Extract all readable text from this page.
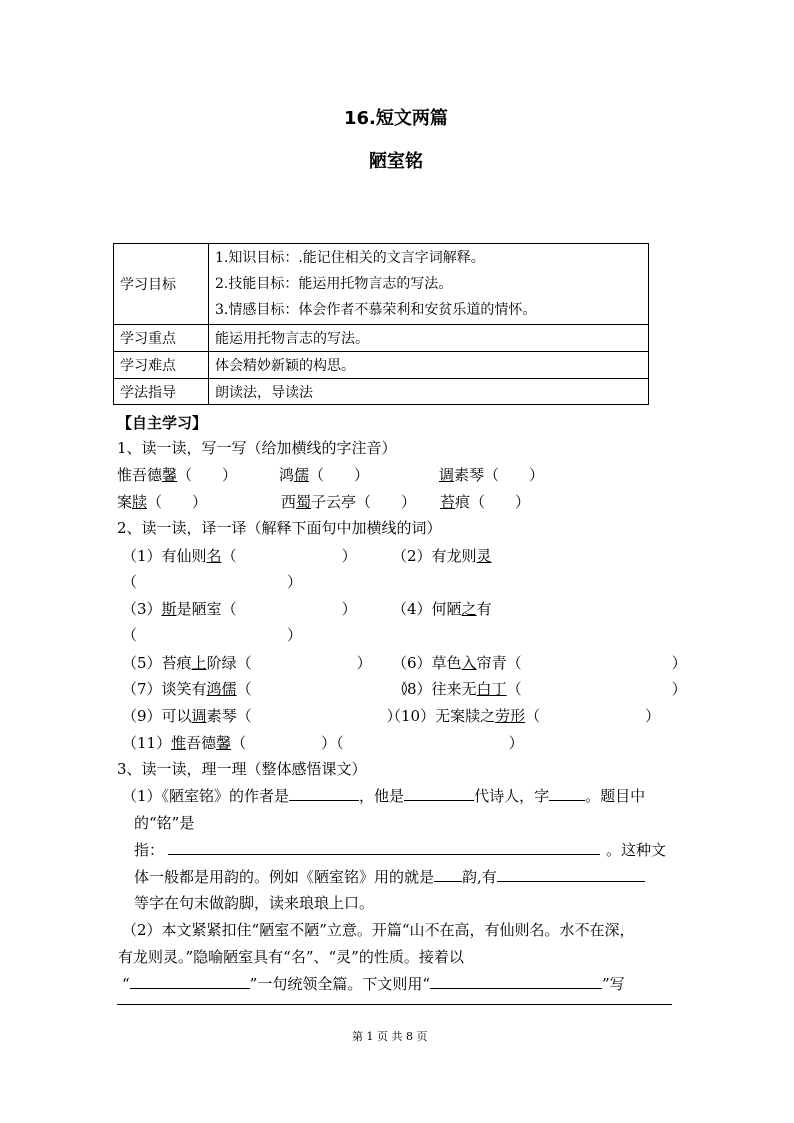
16.短文两篇
陋室铭
学习目标	1.知识目标：.能记住相关的文言字词解释。
2.技能目标：能运用托物言志的写法。
3.情感目标：体会作者不慕荣利和安贫乐道的情怀。

学习重点	能运用托物言志的写法。
学习难点	体会精妙新颖的构思。
学法指导	朗读法，导读法
【自主学习】
1、读一读，写一写（给加横线的字注音）
惟吾德馨（　　）	鸿儒（　　）	调素琴（　　）
案牍（　　）	西蜀子云亭（　　） 苔痕（　　）
2、读一读，译一译（解释下面句中加横线的词）
（1）有仙则名（　　　　　　　） （2）有龙则灵
（　　　　　　　　　　）
（3）斯是陋室（　　　　　　　） （4）何陋之有
（　　　　　　　　　　）
（5）苔痕上阶绿（　　　　　　　） （6）草色入帘青（　　　　　　　　　　）
（7）谈笑有鸿儒（　　　　　　　　　　）
（8）往来无白丁（　　　　　　　　　　）
（9）可以调素琴（　　　　　　　　　）
（10）无案牍之劳形（　　　　　　　）
（11）惟吾德馨（　　　　　）（　　　　　　　　　　　）
3、读一读，理一理（整体感悟课文）
（1）《陋室铭》的作者是	，他是	代诗人，字 。题目中
的“铭”是
指：	。这种文
体一般都是用韵的。例如《陋室铭》用的就是 韵,有
等字在句末做韵脚，读来琅琅上口。
（2）本文紧紧扣住“陋室不陋”立意。开篇“山不在高，有仙则名。水不在深，
有龙则灵。”隐喻陋室具有“名”、“灵”的性质。接着以
“	”一句统领全篇。下文则用“	”写
第 1 页 共 8 页
